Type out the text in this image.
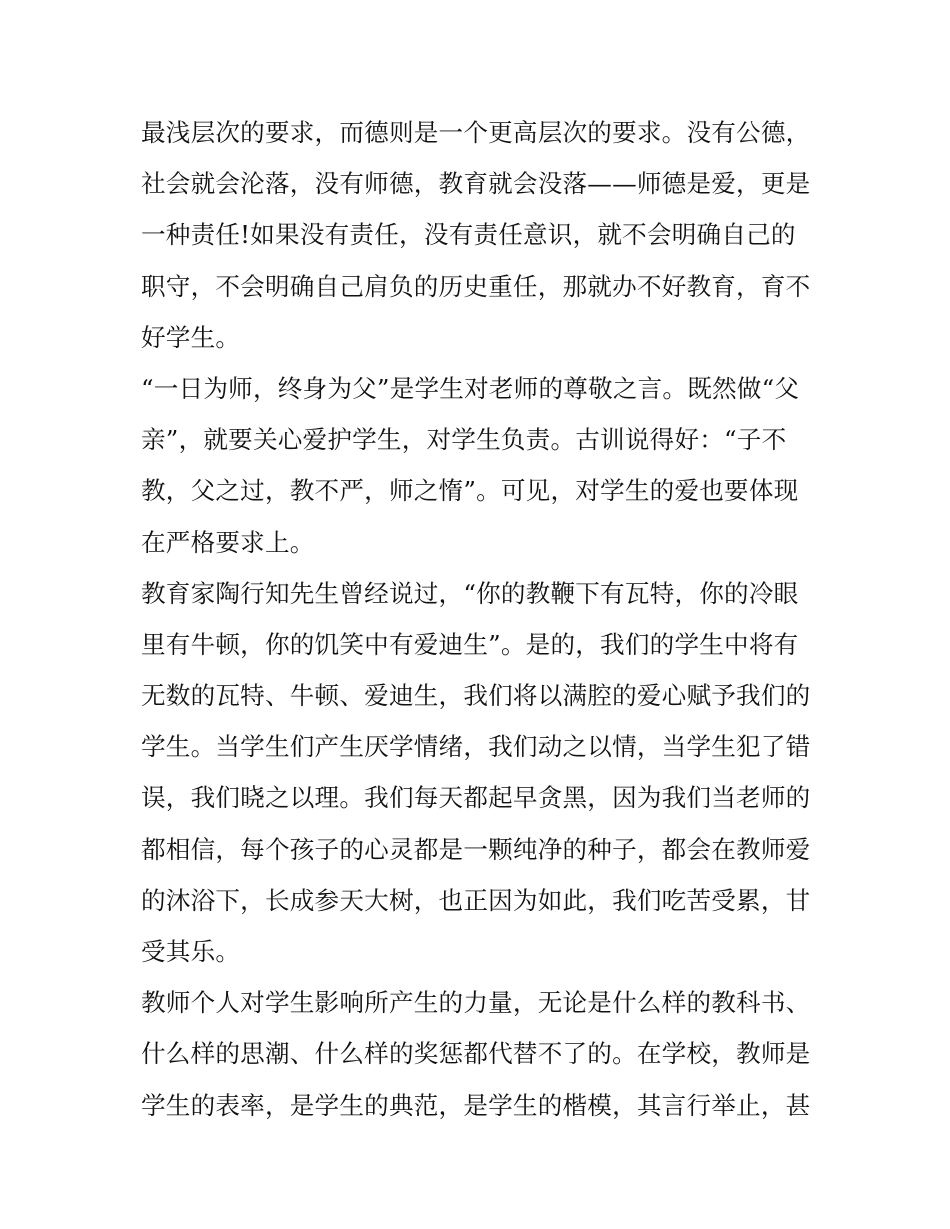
最浅层次的要求，而德则是一个更高层次的要求。没有公德，
社会就会沦落，没有师德，教育就会没落——师德是爱，更是
一种责任!如果没有责任，没有责任意识，就不会明确自己的
职守，不会明确自己肩负的历史重任，那就办不好教育，育不
好学生。
“一日为师，终身为父”是学生对老师的尊敬之言。既然做“父
亲”，就要关心爱护学生，对学生负责。古训说得好：“子不
教，父之过，教不严，师之惰”。可见，对学生的爱也要体现
在严格要求上。
教育家陶行知先生曾经说过，“你的教鞭下有瓦特，你的冷眼
里有牛顿，你的饥笑中有爱迪生”。是的，我们的学生中将有
无数的瓦特、牛顿、爱迪生，我们将以满腔的爱心赋予我们的
学生。当学生们产生厌学情绪，我们动之以情，当学生犯了错
误，我们晓之以理。我们每天都起早贪黑，因为我们当老师的
都相信，每个孩子的心灵都是一颗纯净的种子，都会在教师爱
的沐浴下，长成参天大树，也正因为如此，我们吃苦受累，甘
受其乐。
教师个人对学生影响所产生的力量，无论是什么样的教科书、
什么样的思潮、什么样的奖惩都代替不了的。在学校，教师是
学生的表率，是学生的典范，是学生的楷模，其言行举止，甚
